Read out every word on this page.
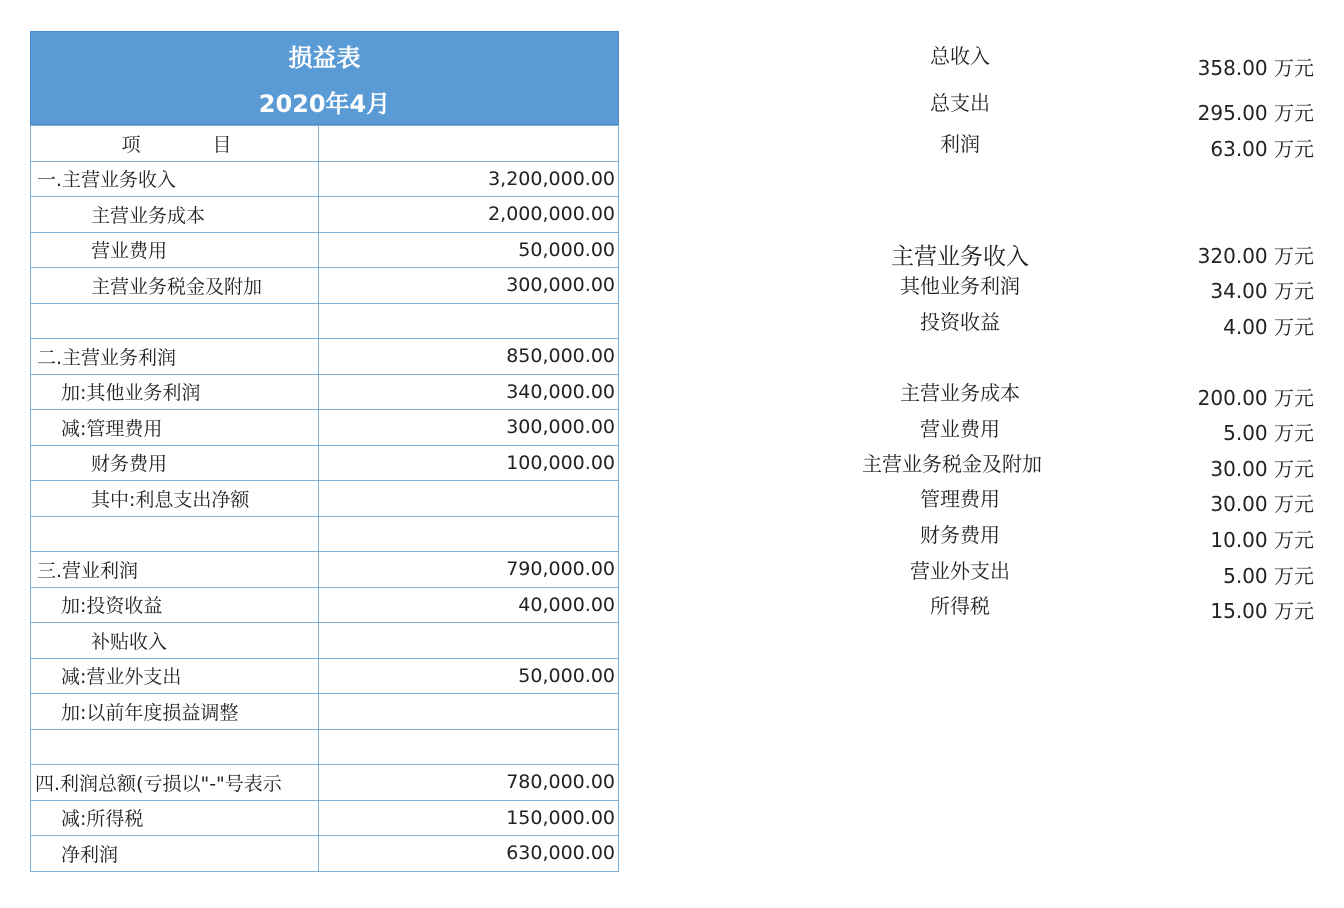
损益表
2020年4月
项 目	
一.主营业务收入	3,200,000.00
主营业务成本	2,000,000.00
营业费用	50,000.00
主营业务税金及附加	300,000.00

二.主营业务利润	850,000.00
加:其他业务利润	340,000.00
减:管理费用	300,000.00
财务费用	100,000.00
其中:利息支出净额	

三.营业利润	790,000.00
加:投资收益	40,000.00
补贴收入	
减:营业外支出	50,000.00
加:以前年度损益调整	

四.利润总额(亏损以"-"号表示	780,000.00
减:所得税	150,000.00
净利润	630,000.00
总收入	358.00 万元
总支出	295.00 万元
利润	63.00 万元
主营业务收入	320.00 万元
其他业务利润	34.00 万元
投资收益	4.00 万元
主营业务成本	200.00 万元
营业费用	5.00 万元
主营业务税金及附加	30.00 万元
管理费用	30.00 万元
财务费用	10.00 万元
营业外支出	5.00 万元
所得税	15.00 万元
